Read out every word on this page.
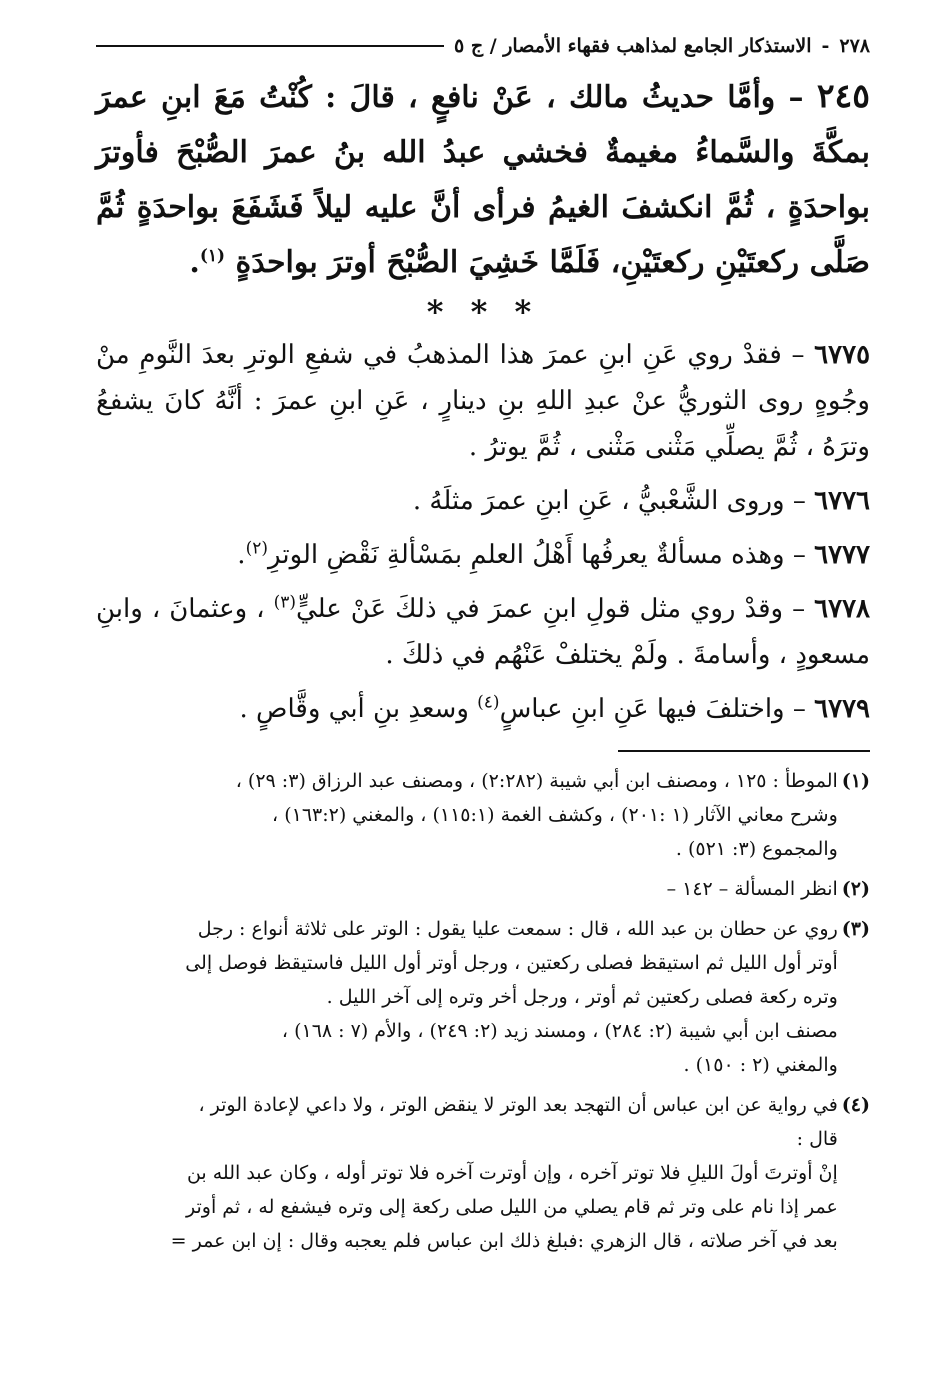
٢٧٨
-
الاستذكار الجامع لمذاهب فقهاء الأمصار / ج ٥

٢٤٥ – وأمَّا حديثُ مالك ، عَنْ نافعٍ ، قالَ : كُنْتُ مَعَ ابنِ عمرَ بمكَّةَ والسَّماءُ مغيمةٌ فخشي عبدُ الله بنُ عمرَ الصُّبْحَ فأوترَ بواحدَةٍ ، ثُمَّ انكشفَ الغيمُ فرأى أنَّ عليه ليلاً فَشَفَعَ بواحدَةٍ ثُمَّ صَلَّى ركعتَيْنِ ركعتَيْنِ، فَلَمَّا خَشِيَ الصُّبْحَ أوترَ بواحدَةٍ $^{(١)}$.

* * *

٦٧٧٥ – فقدْ روي عَنِ ابنِ عمرَ هذا المذهبُ في شفعِ الوترِ بعدَ النَّومِ منْ وجُوهٍ روى الثوريُّ عنْ عبدِ اللهِ بنِ دينارٍ ، عَنِ ابنِ عمرَ : أنَّهُ كانَ يشفعُ وترَهُ ، ثُمَّ يصلِّي مَثْنى مَثْنى ، ثُمَّ يوترُ .

٦٧٧٦ – وروى الشَّعْبيُّ ، عَنِ ابنِ عمرَ مثلَهُ .

٦٧٧٧ – وهذه مسألةٌ يعرفُها أَهْلُ العلمِ بمَسْألةِ نَقْضِ الوترِ$^{(٢)}$.

٦٧٧٨ – وقدْ روي مثل قولِ ابنِ عمرَ في ذلكَ عَنْ عليٍّ$^{(٣)}$ ، وعثمانَ ، وابنِ مسعودٍ ، وأسامةَ . ولَمْ يختلفْ عَنْهُم في ذلكَ .

٦٧٧٩ – واختلفَ فيها عَنِ ابنِ عباسٍ$^{(٤)}$ وسعدِ بنِ أبي وقَّاصٍ .

(١)
الموطأ : ١٢٥ ، ومصنف ابن أبي شيبة (٢:٢٨٢) ، ومصنف عبد الرزاق (٣: ٢٩) ،
وشرح معاني الآثار (١ :٢٠١) ، وكشف الغمة (١١٥:١) ، والمغني (١٦٣:٢) ،
والمجموع (٣: ٥٢١) .
(٢)
انظر المسألة – ١٤٢ –
(٣)
روي عن حطان بن عبد الله ، قال : سمعت عليا يقول : الوتر على ثلاثة أنواع : رجل
أوتر أول الليل ثم استيقظ فصلى ركعتين ، ورجل أوتر أول الليل فاستيقظ فوصل إلى
وتره ركعة فصلى ركعتين ثم أوتر ، ورجل أخر وتره إلى آخر الليل .
مصنف ابن أبي شيبة (٢: ٢٨٤) ، ومسند زيد (٢: ٢٤٩) ، والأم (٧ : ١٦٨) ،
والمغني (٢ : ١٥٠) .
(٤)
في رواية عن ابن عباس أن التهجد بعد الوتر لا ينقض الوتر ، ولا داعي لإعادة الوتر ،
قال :
إنْ أوترتَ أولَ الليلِ فلا توتر آخره ، وإن أوترت آخره فلا توتر أوله ، وكان عبد الله بن
عمر إذا نام على وتر ثم قام يصلي من الليل صلى ركعة إلى وتره فيشفع له ، ثم أوتر
بعد في آخر صلاته ، قال الزهري :فبلغ ذلك ابن عباس فلم يعجبه وقال : إن ابن عمر =
